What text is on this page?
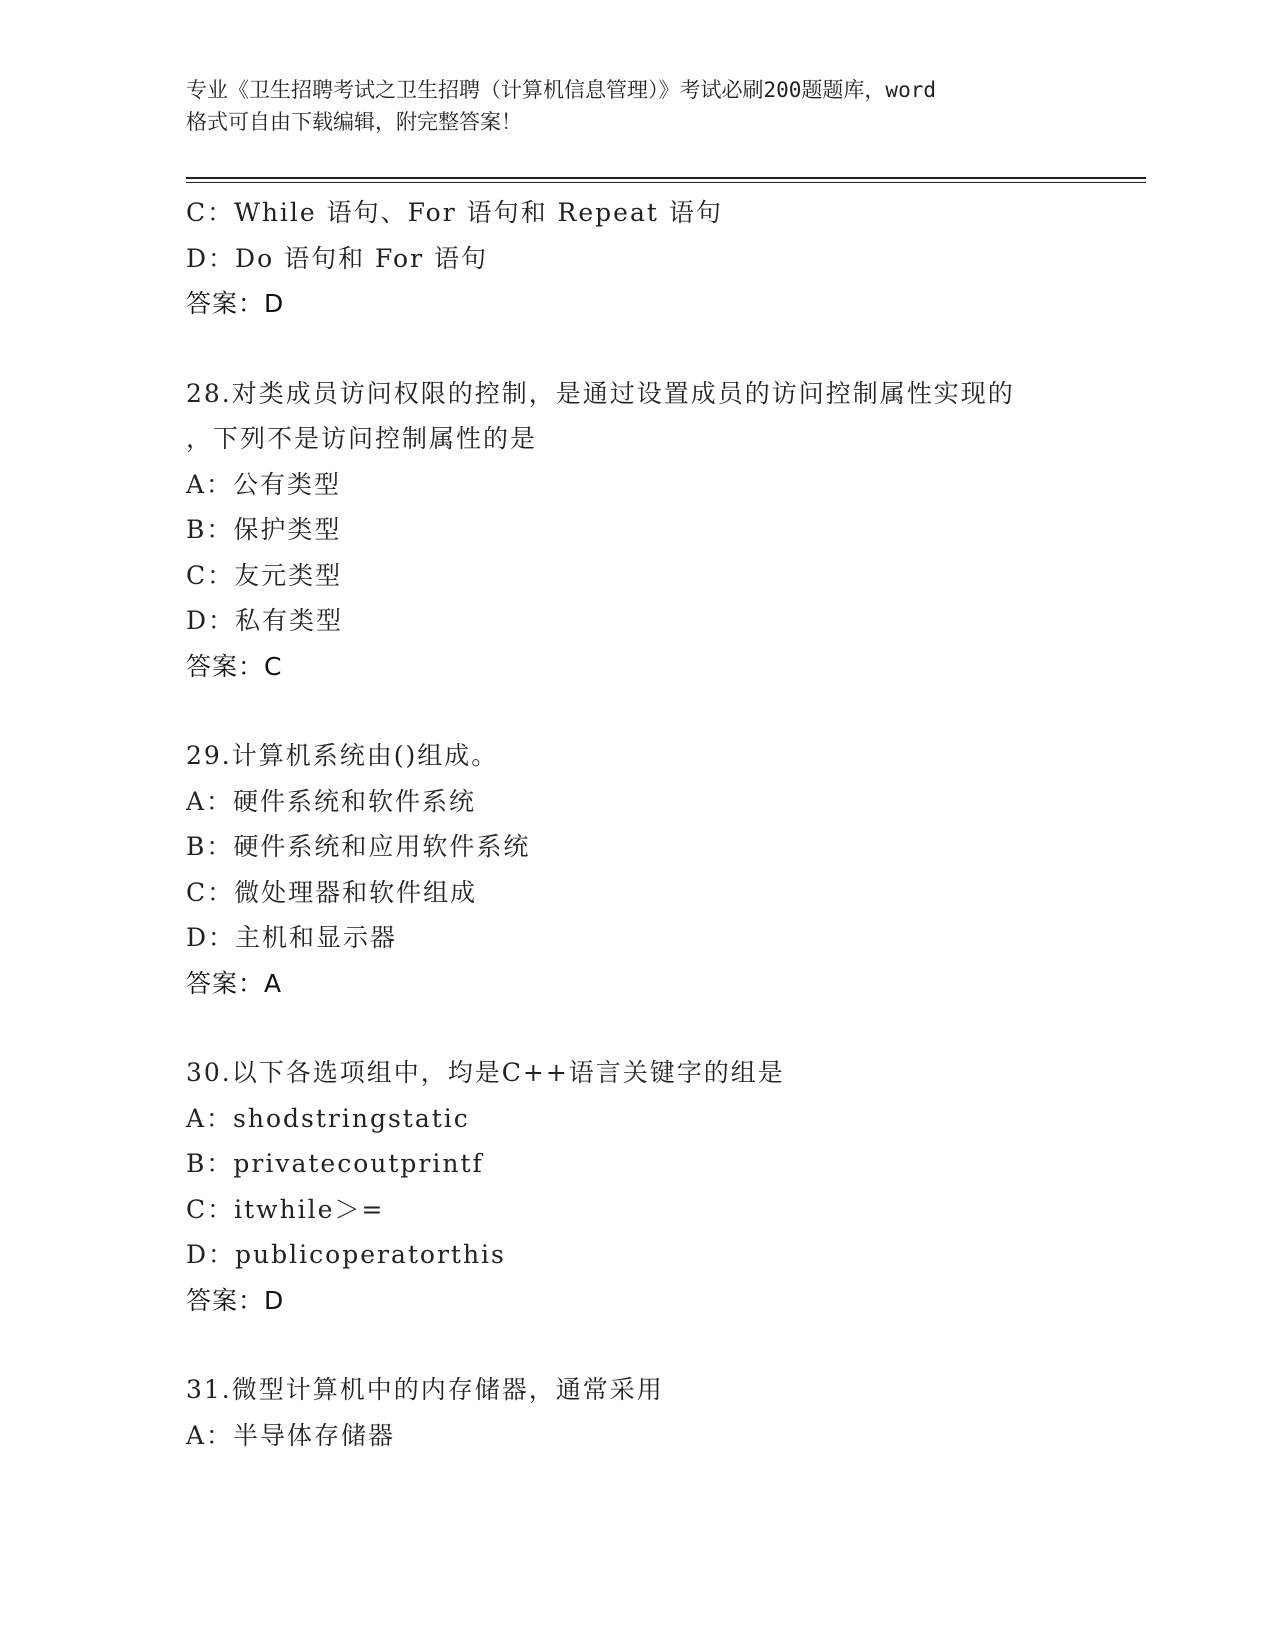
专业《卫生招聘考试之卫生招聘（计算机信息管理）》考试必刷200题题库，word
格式可自由下载编辑，附完整答案！
C：While 语句、For 语句和 Repeat 语句
D：Do 语句和 For 语句
答案：D
28.对类成员访问权限的控制，是通过设置成员的访问控制属性实现的
，下列不是访问控制属性的是
A：公有类型
B：保护类型
C：友元类型
D：私有类型
答案：C
29.计算机系统由()组成。
A：硬件系统和软件系统
B：硬件系统和应用软件系统
C：微处理器和软件组成
D：主机和显示器
答案：A
30.以下各选项组中，均是C++语言关键字的组是
A：shodstringstatic
B：privatecoutprintf
C：itwhile＞=
D：publicoperatorthis
答案：D
31.微型计算机中的内存储器，通常采用
A：半导体存储器
